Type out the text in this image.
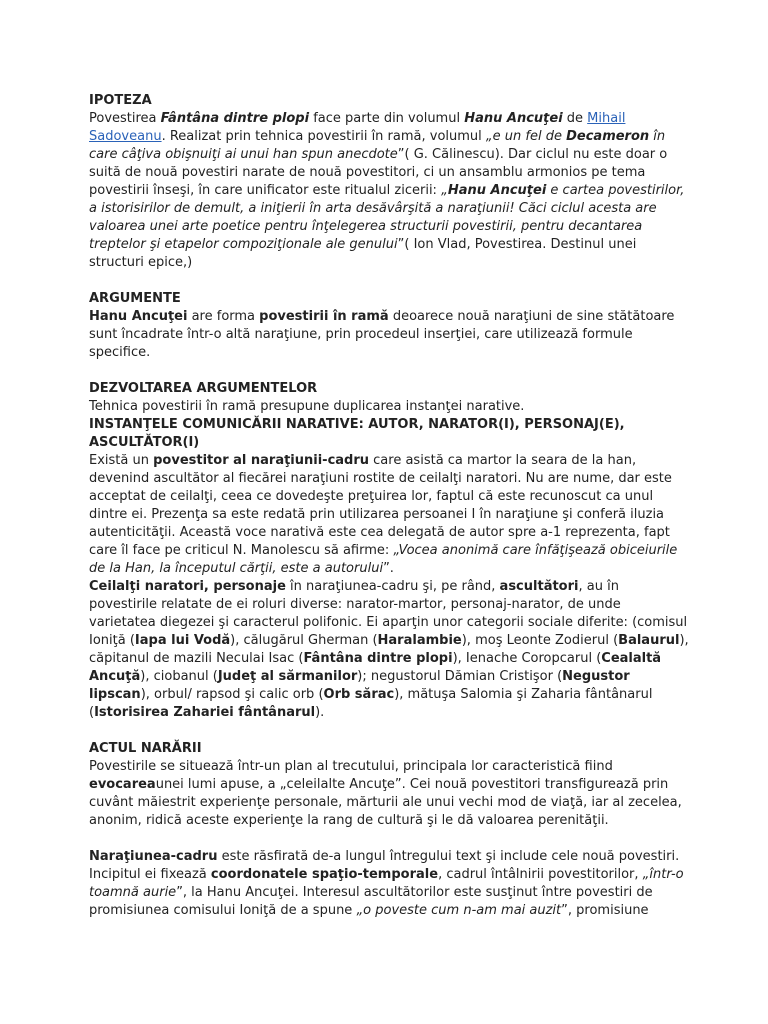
IPOTEZA

Povestirea Fântâna dintre plopi face parte din volumul Hanu Ancuţei de Mihail Sadoveanu. Realizat prin tehnica povestirii în ramă, volumul „e un fel de Decameron în care câţiva obişnuiţi ai unui han spun anecdote”( G. Călinescu). Dar ciclul nu este doar o suită de nouă povestiri narate de nouă povestitori, ci un ansamblu armonios pe tema povestirii înseşi, în care unificator este ritualul zicerii: „Hanu Ancuţei e cartea povestirilor, a istorisirilor de demult, a iniţierii în arta desăvârşită a naraţiunii! Căci ciclul acesta are valoarea unei arte poetice pentru înţelegerea structurii povestirii, pentru decantarea treptelor şi etapelor compoziţionale ale genului”( Ion Vlad, Povestirea. Destinul unei structuri epice,)

ARGUMENTE

Hanu Ancuţei are forma povestirii în ramă deoarece nouă naraţiuni de sine stătătoare sunt încadrate într-o altă naraţiune, prin procedeul inserţiei, care utilizează formule specifice.

DEZVOLTAREA ARGUMENTELOR

Tehnica povestirii în ramă presupune duplicarea instanţei narative.

INSTANŢELE COMUNICĂRII NARATIVE: AUTOR, NARATOR(I), PERSONAJ(E), ASCULTĂTOR(I)

Există un povestitor al naraţiunii-cadru care asistă ca martor la seara de la han, devenind ascultător al fiecărei naraţiuni rostite de ceilalţi naratori. Nu are nume, dar este acceptat de ceilalţi, ceea ce dovedeşte preţuirea lor, faptul că este recunoscut ca unul dintre ei. Prezenţa sa este redată prin utilizarea persoanei I în naraţiune şi conferă iluzia autenticităţii. Această voce narativă este cea delegată de autor spre a-1 reprezenta, fapt care îl face pe criticul N. Manolescu să afirme: „Vocea anonimă care înfăţişează obiceiurile de la Han, la începutul cărţii, este a autorului”.

Ceilalţi naratori, personaje în naraţiunea-cadru şi, pe rând, ascultători, au în povestirile relatate de ei roluri diverse: narator-martor, personaj-narator, de unde varietatea diegezei şi caracterul polifonic. Ei aparţin unor categorii sociale diferite: (comisul Ioniţă (Iapa lui Vodă), călugărul Gherman (Haralambie), moş Leonte Zodierul (Balaurul), căpitanul de mazili Neculai Isac (Fântâna dintre plopi), Ienache Coropcarul (Cealaltă Ancuţă), ciobanul (Judeţ al sărmanilor); negustorul Dămian Cristişor (Negustor lipscan), orbul/ rapsod şi calic orb (Orb sărac), mătuşa Salomia şi Zaharia fântânarul (Istorisirea Zahariei fântânarul).

ACTUL NARĂRII

Povestirile se situează într-un plan al trecutului, principala lor caracteristică fiind evocareaunei lumi apuse, a „celeilalte Ancuţe”. Cei nouă povestitori transfigurează prin cuvânt măiestrit experienţe personale, mărturii ale unui vechi mod de viaţă, iar al zecelea, anonim, ridică aceste experienţe la rang de cultură şi le dă valoarea perenităţii.

Naraţiunea-cadru este răsfirată de-a lungul întregului text şi include cele nouă povestiri. Incipitul ei fixează coordonatele spaţio-temporale, cadrul întâlnirii povestitorilor, „într-o toamnă aurie”, la Hanu Ancuţei. Interesul ascultătorilor este susţinut între povestiri de promisiunea comisului Ioniţă de a spune „o poveste cum n-am mai auzit”, promisiune
